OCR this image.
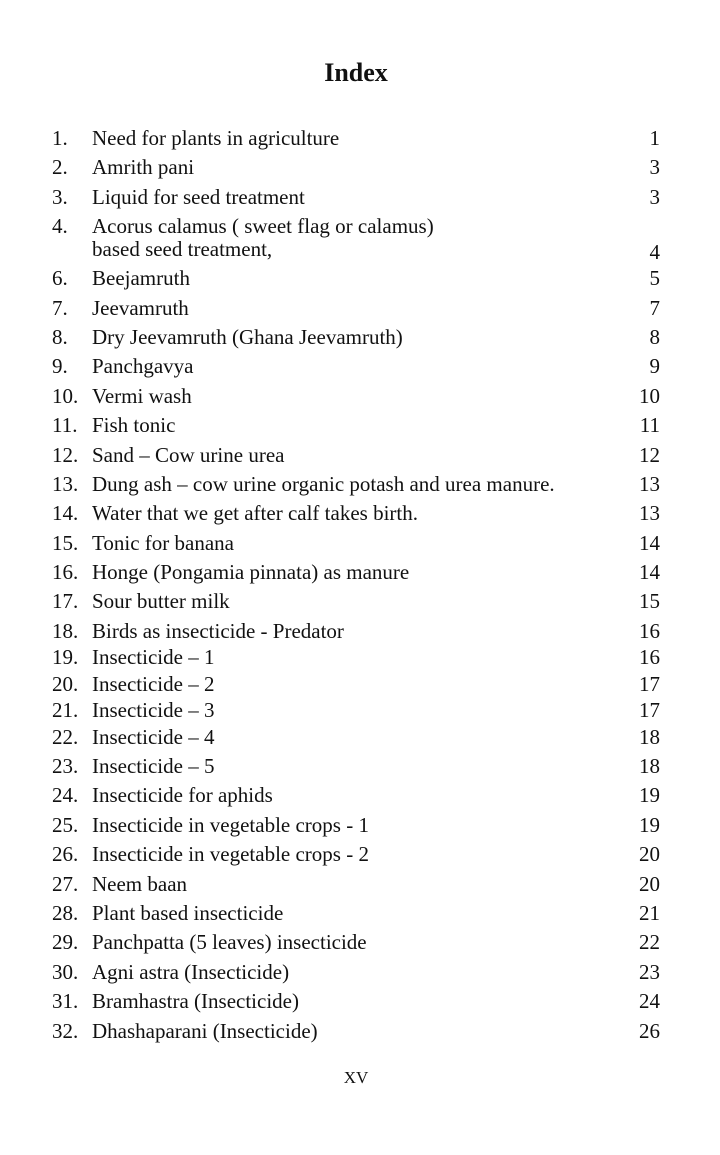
Index
1.	Need for plants in agriculture	1
2.	Amrith pani	3
3.	Liquid for seed treatment	3
4.	Acorus calamus ( sweet flag or calamus)
based seed treatment,	4
6.	Beejamruth	5
7.	Jeevamruth	7
8.	Dry Jeevamruth (Ghana Jeevamruth)	8
9.	Panchgavya	9
10. Vermi wash	10
11. Fish tonic	11
12. Sand – Cow urine urea	12
13. Dung ash – cow urine organic potash and urea manure.	13
14. Water that we get after calf takes birth.	13
15. Tonic for banana	14
16. Honge (Pongamia pinnata) as manure	14
17. Sour butter milk	15
18. Birds as insecticide - Predator	16
19. Insecticide – 1	16
20. Insecticide – 2	17
21. Insecticide – 3	17
22. Insecticide – 4	18
23. Insecticide – 5	18
24. Insecticide for aphids	19
25. Insecticide in vegetable crops - 1	19
26. Insecticide in vegetable crops - 2	20
27. Neem baan	20
28. Plant based insecticide	21
29. Panchpatta (5 leaves) insecticide	22
30. Agni astra (Insecticide)	23
31. Bramhastra (Insecticide)	24
32. Dhashaparani (Insecticide)	26
XV
